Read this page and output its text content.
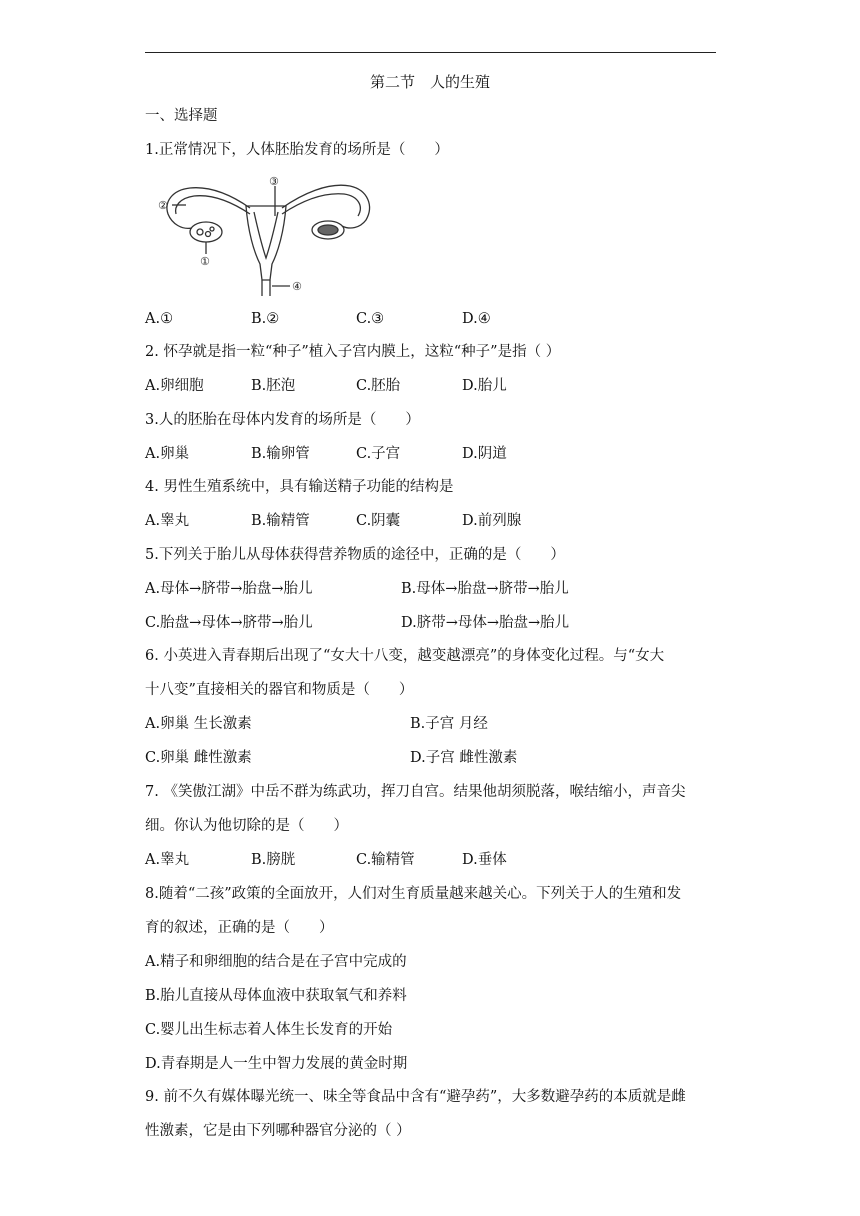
第二节　人的生殖
一、选择题
1.正常情况下，人体胚胎发育的场所是（　　）
③
②
①
④
A.①	B.②	C.③	D.④
2. 怀孕就是指一粒“种子”植入子宫内膜上，这粒“种子”是指（ ）
A.卵细胞	B.胚泡	C.胚胎	D.胎儿
3.人的胚胎在母体内发育的场所是（　　）
A.卵巢	B.输卵管	C.子宫	D.阴道
4. 男性生殖系统中，具有输送精子功能的结构是
A.睾丸	B.输精管	C.阴囊	D.前列腺
5.下列关于胎儿从母体获得营养物质的途径中，正确的是（　　）
A.母体→脐带→胎盘→胎儿	B.母体→胎盘→脐带→胎儿
C.胎盘→母体→脐带→胎儿	D.脐带→母体→胎盘→胎儿
6. 小英进入青春期后出现了“女大十八变，越变越漂亮”的身体变化过程。与“女大
十八变”直接相关的器官和物质是（　　）
A.卵巢 生长激素	B.子宫 月经
C.卵巢 雌性激素	D.子宫 雌性激素
7. 《笑傲江湖》中岳不群为练武功，挥刀自宫。结果他胡须脱落，喉结缩小，声音尖
细。你认为他切除的是（　　）
A.睾丸	B.膀胱	C.输精管	D.垂体
8.随着“二孩”政策的全面放开，人们对生育质量越来越关心。下列关于人的生殖和发
育的叙述，正确的是（　　）
A.精子和卵细胞的结合是在子宫中完成的
B.胎儿直接从母体血液中获取氧气和养料
C.婴儿出生标志着人体生长发育的开始
D.青春期是人一生中智力发展的黄金时期
9. 前不久有媒体曝光统一、味全等食品中含有“避孕药”，大多数避孕药的本质就是雌
性激素，它是由下列哪种器官分泌的（ ）
